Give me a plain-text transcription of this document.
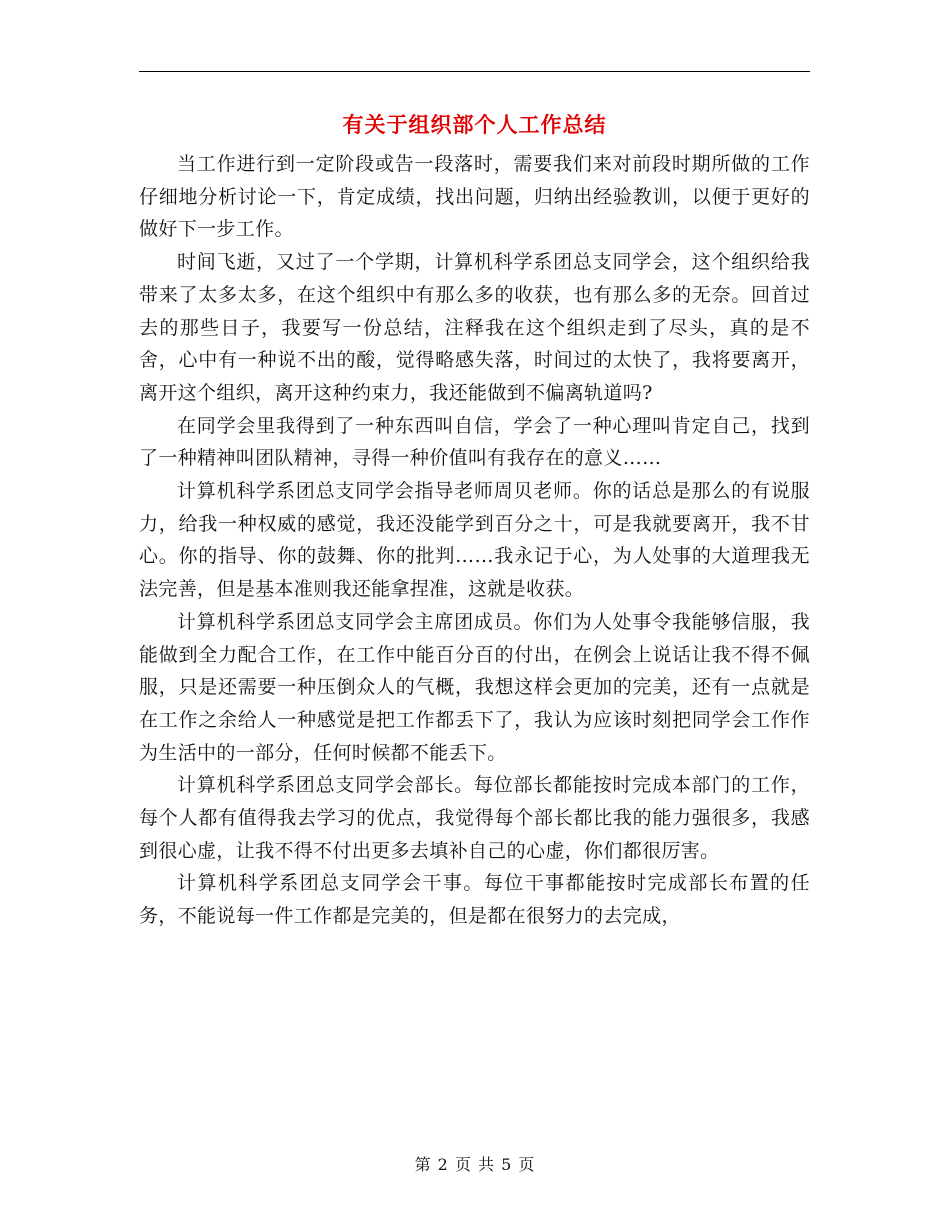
有关于组织部个人工作总结

当工作进行到一定阶段或告一段落时，需要我们来对前段时期所做的工作仔细地分析讨论一下，肯定成绩，找出问题，归纳出经验教训，以便于更好的做好下一步工作。

时间飞逝，又过了一个学期，计算机科学系团总支同学会，这个组织给我带来了太多太多，在这个组织中有那么多的收获，也有那么多的无奈。回首过去的那些日子，我要写一份总结，注释我在这个组织走到了尽头，真的是不舍，心中有一种说不出的酸，觉得略感失落，时间过的太快了，我将要离开，离开这个组织，离开这种约束力，我还能做到不偏离轨道吗?

在同学会里我得到了一种东西叫自信，学会了一种心理叫肯定自己，找到了一种精神叫团队精神，寻得一种价值叫有我存在的意义……

计算机科学系团总支同学会指导老师周贝老师。你的话总是那么的有说服力，给我一种权威的感觉，我还没能学到百分之十，可是我就要离开，我不甘心。你的指导、你的鼓舞、你的批判……我永记于心，为人处事的大道理我无法完善，但是基本准则我还能拿捏准，这就是收获。

计算机科学系团总支同学会主席团成员。你们为人处事令我能够信服，我能做到全力配合工作，在工作中能百分百的付出，在例会上说话让我不得不佩服，只是还需要一种压倒众人的气概，我想这样会更加的完美，还有一点就是在工作之余给人一种感觉是把工作都丢下了，我认为应该时刻把同学会工作作为生活中的一部分，任何时候都不能丢下。

计算机科学系团总支同学会部长。每位部长都能按时完成本部门的工作，每个人都有值得我去学习的优点，我觉得每个部长都比我的能力强很多，我感到很心虚，让我不得不付出更多去填补自己的心虚，你们都很厉害。

计算机科学系团总支同学会干事。每位干事都能按时完成部长布置的任务，不能说每一件工作都是完美的，但是都在很努力的去完成，

第 2 页 共 5 页
